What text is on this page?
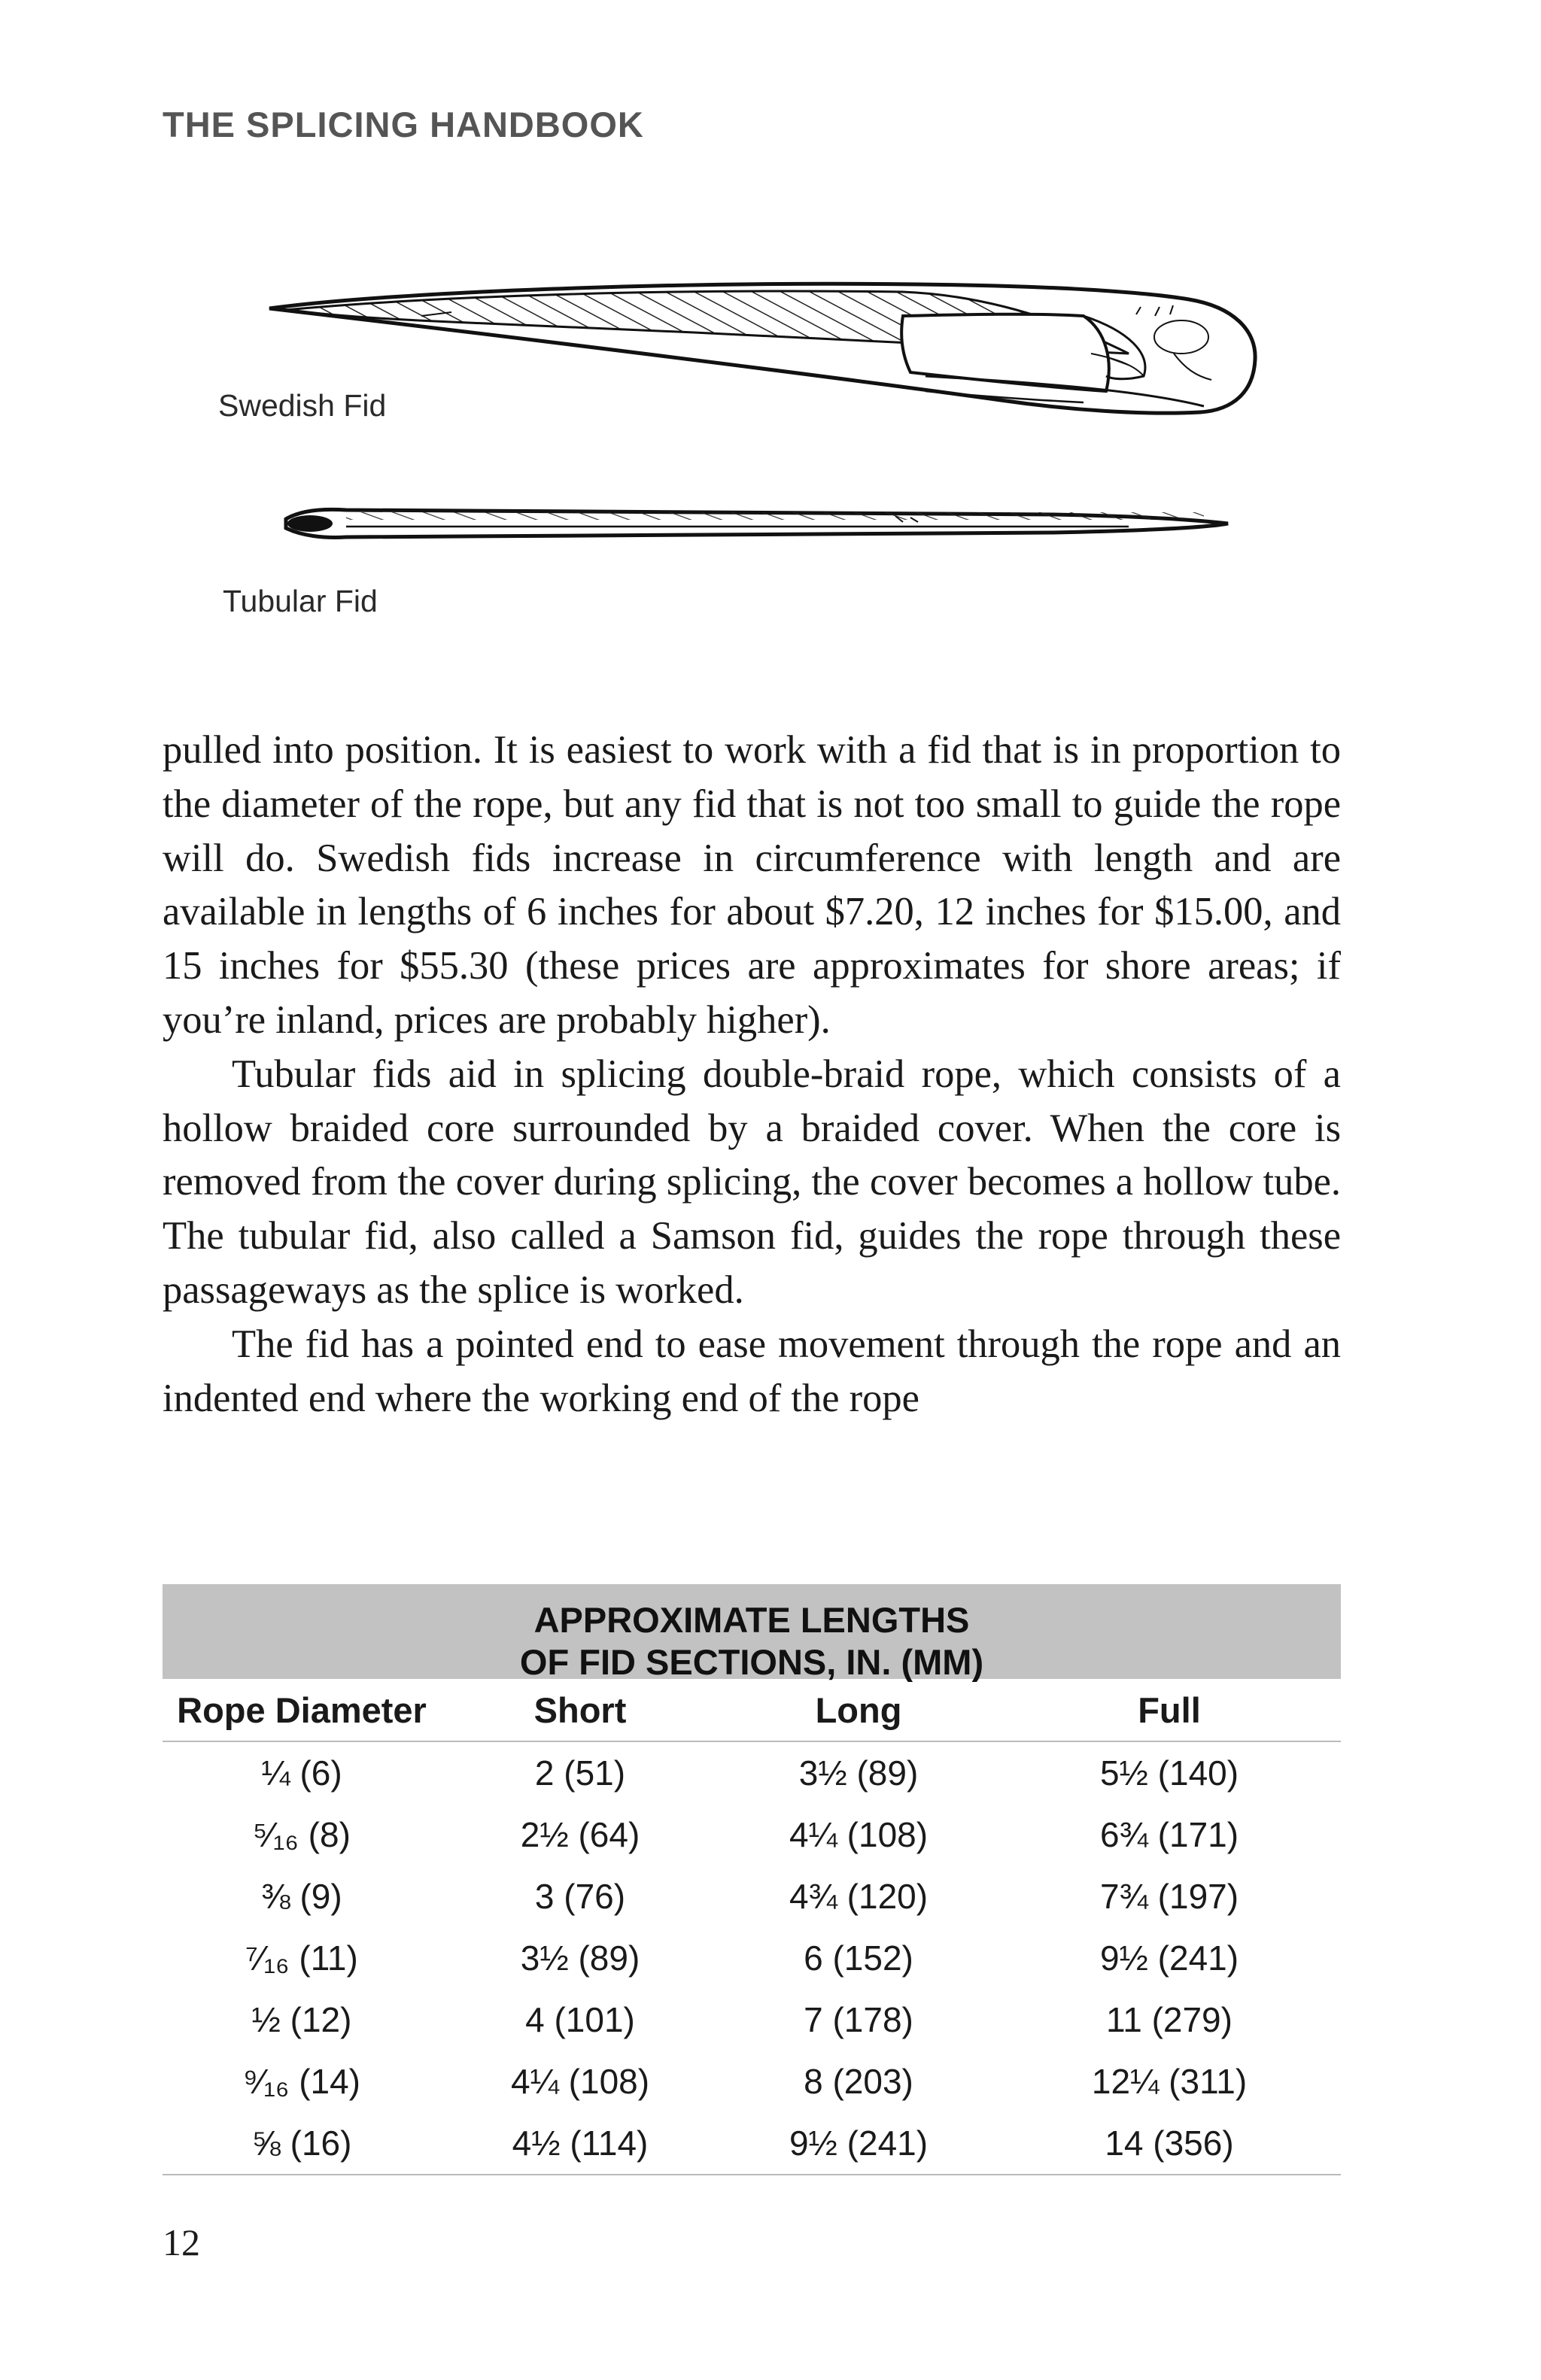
THE SPLICING HANDBOOK

Swedish Fid

Tubular Fid

pulled into position. It is easiest to work with a fid that is in proportion to the diameter of the rope, but any fid that is not too small to guide the rope will do. Swedish fids increase in circumference with length and are available in lengths of 6 inches for about $7.20, 12 inches for $15.00, and 15 inches for $55.30 (these prices are approximates for shore areas; if you’re inland, prices are probably higher).

Tubular fids aid in splicing double-braid rope, which consists of a hollow braided core surrounded by a braided cover. When the core is removed from the cover during splicing, the cover becomes a hollow tube. The tubular fid, also called a Samson fid, guides the rope through these passageways as the splice is worked.

The fid has a pointed end to ease movement through the rope and an indented end where the working end of the rope

APPROXIMATE LENGTHS
OF FID SECTIONS, IN. (MM)
Rope Diameter	Short	Long	Full
¼ (6)	2 (51)	3½ (89)	5½ (140)
⁵⁄₁₆ (8)	2½ (64)	4¼ (108)	6¾ (171)
⅜ (9)	3 (76)	4¾ (120)	7¾ (197)
⁷⁄₁₆ (11)	3½ (89)	6 (152)	9½ (241)
½ (12)	4 (101)	7 (178)	11 (279)
⁹⁄₁₆ (14)	4¼ (108)	8 (203)	12¼ (311)
⅝ (16)	4½ (114)	9½ (241)	14 (356)

12
